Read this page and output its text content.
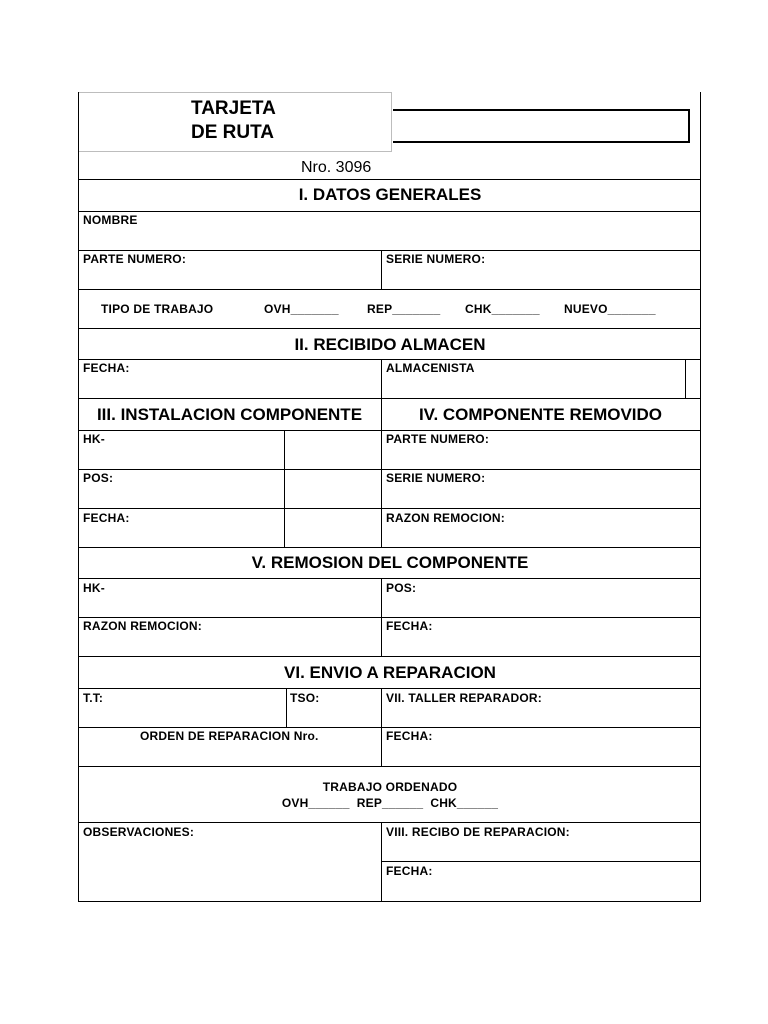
TARJETA
DE RUTA
Nro. 3096
I. DATOS GENERALES
NOMBRE
PARTE NUMERO:	SERIE NUMERO:
TIPO DE TRABAJO	OVH_______ REP_______ CHK_______ NUEVO_______
II. RECIBIDO ALMACEN
FECHA:	ALMACENISTA
III. INSTALACION COMPONENTE	IV. COMPONENTE REMOVIDO
HK-	PARTE NUMERO:
POS:	SERIE NUMERO:
FECHA:	RAZON REMOCION:
V. REMOSION DEL COMPONENTE
HK-	POS:
RAZON REMOCION:	FECHA:
VI. ENVIO A REPARACION
T.T:	TSO:	VII. TALLER REPARADOR:
ORDEN DE REPARACION Nro.	FECHA:
TRABAJO ORDENADO
OVH______  REP______  CHK______
OBSERVACIONES:	VIII. RECIBO DE REPARACION:
FECHA:
